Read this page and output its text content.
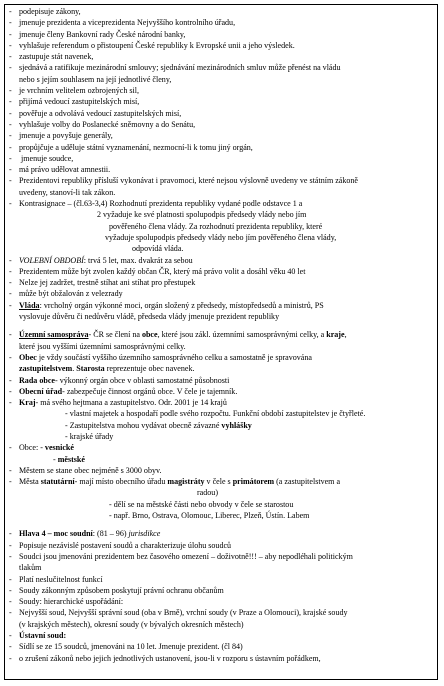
- podepisuje zákony,
- jmenuje prezidenta a viceprezidenta Nejvyššího kontrolního úřadu,
- jmenuje členy Bankovní rady České národní banky,
- vyhlašuje referendum o přistoupení České republiky k Evropské unii a jeho výsledek.
- zastupuje stát navenek,
- sjednává a ratifikuje mezinárodní smlouvy; sjednávání mezinárodních smluv může přenést na vládu
nebo s jejím souhlasem na její jednotlivé členy,
- je vrchním velitelem ozbrojených sil,
- přijímá vedoucí zastupitelských misí,
- pověřuje a odvolává vedoucí zastupitelských misí,
- vyhlašuje volby do Poslanecké sněmovny a do Senátu,
- jmenuje a povyšuje generály,
- propůjčuje a uděluje státní vyznamenání, nezmocní-li k tomu jiný orgán,
- jmenuje soudce,
- má právo udělovat amnestii.
- Prezidentovi republiky přísluší vykonávat i pravomoci, které nejsou výslovně uvedeny ve státním zákoně
uvedeny, stanoví-li tak zákon.
- Kontrasignace – (čl.63-3,4) Rozhodnutí prezidenta republiky vydané podle odstavce 1 a
2 vyžaduje ke své platnosti spolupodpis předsedy vlády nebo jím
pověřeného člena vlády. Za rozhodnutí prezidenta republiky, které
vyžaduje spolupodpis předsedy vlády nebo jím pověřeného člena vlády,
odpovídá vláda.
- VOLEBNÍ OBDOBÍ: trvá 5 let, max. dvakrát za sebou
- Prezidentem může být zvolen každý občan ČR, který má právo volit a dosáhl věku 40 let
- Nelze jej zadržet, trestně stíhat ani stíhat pro přestupek
- může být obžalován z velezrady
- Vláda: vrcholný orgán výkonné moci, orgán složený z předsedy, místopředsedů a ministrů, PS
vyslovuje důvěru či nedůvěru vládě, předseda vlády jmenuje prezident republiky
- Územní samospráva- ČR se člení na obce, které jsou zákl. územními samosprávnými celky, a kraje,
které jsou vyššími územními samosprávnými celky.
- Obec je vždy součástí vyššího územního samosprávného celku a samostatně je spravována
zastupitelstvem. Starosta reprezentuje obec navenek.
- Rada obce- výkonný orgán obce v oblasti samostatné působnosti
- Obecní úřad- zabezpečuje činnost orgánů obce. V čele je tajemník.
- Kraj- má svého hejtmana a zastupitelstvo. Odr. 2001 je 14 krajů
- vlastní majetek a hospodaří podle svého rozpočtu. Funkční období zastupitelstev je čtyřleté.
- Zastupitelstva mohou vydávat obecně závazné vyhlášky
- krajské úřady
- Obce: - vesnické
- městské
- Městem se stane obec nejméně s 3000 obyv.
- Města statutární- mají místo obecního úřadu magistráty v čele s primátorem (a zastupitelstvem a
radou)
- dělí se na městské části nebo obvody v čele se starostou
- např. Brno, Ostrava, Olomouc, Liberec, Plzeň, Ústín. Labem
- Hlava 4 – moc soudní: (81 – 96) jurisdikce
- Popisuje nezávislé postavení soudů a charakterizuje úlohu soudců
- Soudci jsou jmenováni prezidentem bez časového omezení – doživotně!!! – aby nepodléhali politickým
tlakům
- Platí neslučitelnost funkcí
- Soudy zákonným způsobem poskytují právní ochranu občanům
- Soudy: hierarchické uspořádání:
- Nejvyšší soud, Nejvyšší správní soud (oba v Brně), vrchní soudy (v Praze a Olomouci), krajské soudy
(v krajských městech), okresní soudy (v bývalých okresních městech)
- Ústavní soud:
- Sídlí se ze 15 soudců, jmenováni na 10 let. Jmenuje prezident. (čl 84)
- o zrušení zákonů nebo jejich jednotlivých ustanovení, jsou-li v rozporu s ústavním pořádkem,
